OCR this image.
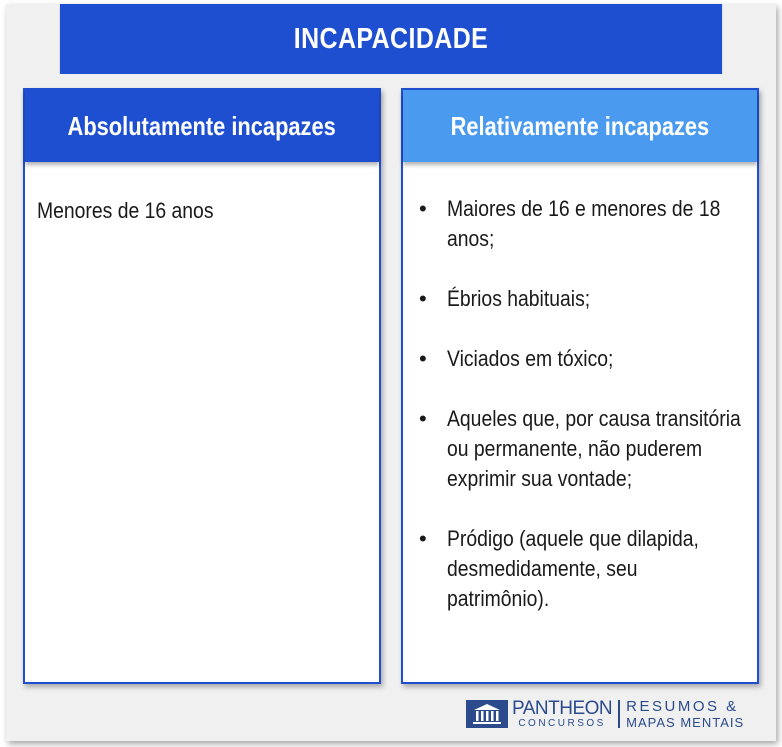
INCAPACIDADE
Absolutamente incapazes
Menores de 16 anos
Relativamente incapazes
• Maiores de 16 e menores de 18 anos;
• Ébrios habituais;
• Viciados em tóxico;
• Aqueles que, por causa transitória ou permanente, não puderem exprimir sua vontade;
• Pródigo (aquele que dilapida, desmedidamente, seu patrimônio).
PANTHEON
CONCURSOS
RESUMOS &
MAPAS MENTAIS
